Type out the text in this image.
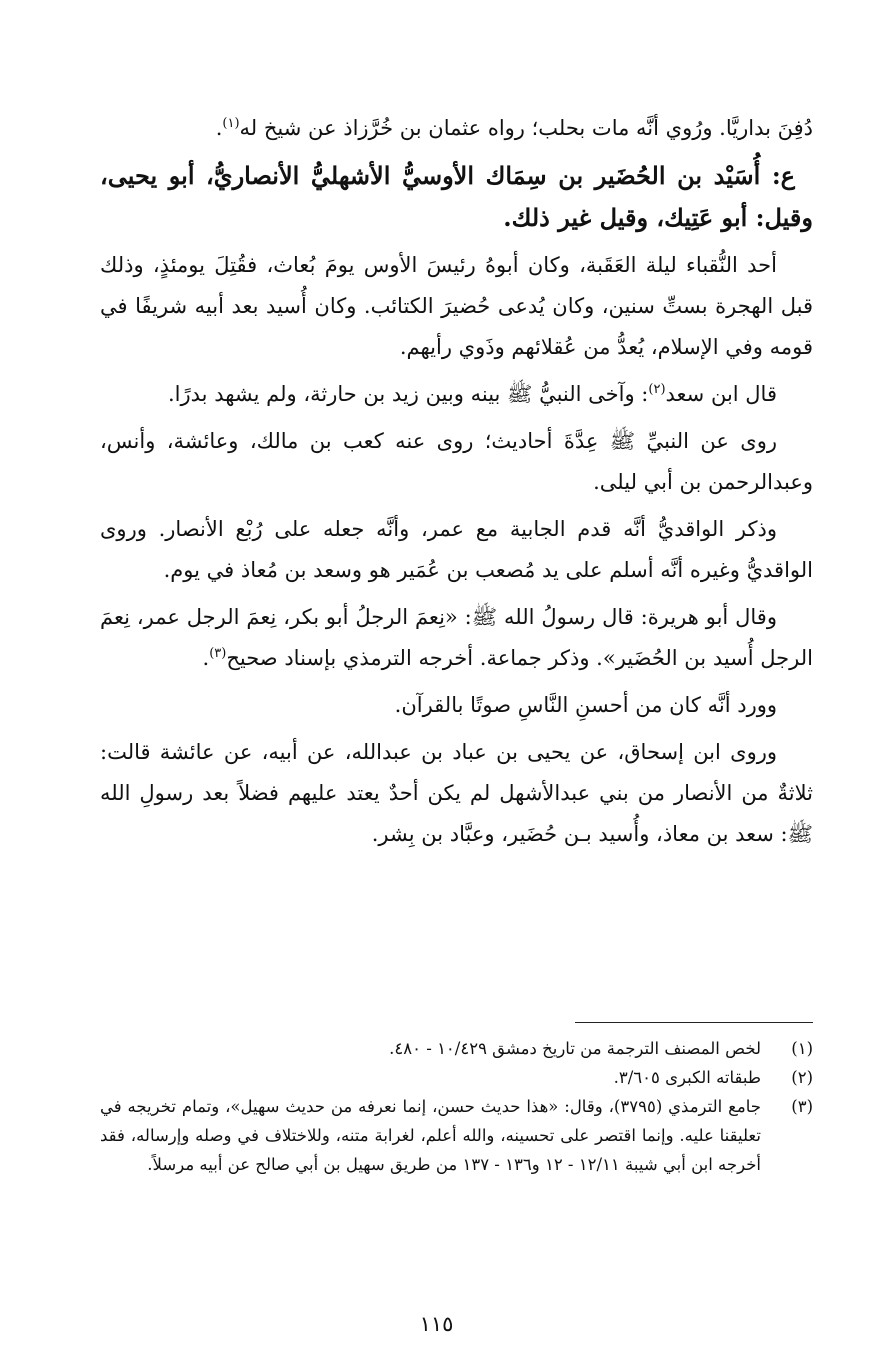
دُفِنَ بداريَّا. ورُوي أنَّه مات بحلب؛ رواه عثمان بن خُرَّزاذ عن شيخ له$^{(١)}$.

ع: أُسَيْد بن الحُضَير بن سِمَاك الأوسيُّ الأشهليُّ الأنصاريُّ، أبو يحيى، وقيل: أبو عَتِيك، وقيل غير ذلك.

أحد النُّقباء ليلة العَقَبة، وكان أبوهُ رئيسَ الأوس يومَ بُعاث، فقُتِلَ يومئذٍ، وذلك قبل الهجرة بستِّ سنين، وكان يُدعى حُضيرَ الكتائب. وكان أُسيد بعد أبيه شريفًا في قومه وفي الإسلام، يُعدُّ من عُقلائهم وذَوي رأيهم.

قال ابن سعد$^{(٢)}$: وآخى النبيُّ ﷺ بينه وبين زيد بن حارثة، ولم يشهد بدرًا.

روى عن النبيِّ ﷺ عِدَّةَ أحاديث؛ روى عنه كعب بن مالك، وعائشة، وأنس، وعبدالرحمن بن أبي ليلى.

وذكر الواقديُّ أنَّه قدم الجابية مع عمر، وأنَّه جعله على رُبْع الأنصار. وروى الواقديُّ وغيره أنَّه أسلم على يد مُصعب بن عُمَير هو وسعد بن مُعاذ في يوم.

وقال أبو هريرة: قال رسولُ الله ﷺ: «نِعمَ الرجلُ أبو بكر، نِعمَ الرجل عمر، نِعمَ الرجل أُسيد بن الحُضَير». وذكر جماعة. أخرجه الترمذي بإسناد صحيح$^{(٣)}$.

وورد أنَّه كان من أحسنِ النَّاسِ صوتًا بالقرآن.

وروى ابن إسحاق، عن يحيى بن عباد بن عبدالله، عن أبيه، عن عائشة قالت: ثلاثةٌ من الأنصار من بني عبدالأشهل لم يكن أحدٌ يعتد عليهم فضلاً بعد رسولِ الله ﷺ: سعد بن معاذ، وأُسيد بـن حُضَير، وعبَّاد بن بِشر.

(١)
لخص المصنف الترجمة من تاريخ دمشق ١٠/٤٢٩ - ٤٨٠.
(٢)
طبقاته الكبرى ٣/٦٠٥.
(٣)
جامع الترمذي (٣٧٩٥)، وقال: «هذا حديث حسن، إنما نعرفه من حديث سهيل»، وتمام تخريجه في تعليقنا عليه. وإنما اقتصر على تحسينه، والله أعلم، لغرابة متنه، وللاختلاف في وصله وإرساله، فقد أخرجه ابن أبي شيبة ١٢/١١ - ١٢ و١٣٦ - ١٣٧ من طريق سهيل بن أبي صالح عن أبيه مرسلاً.
١١٥
